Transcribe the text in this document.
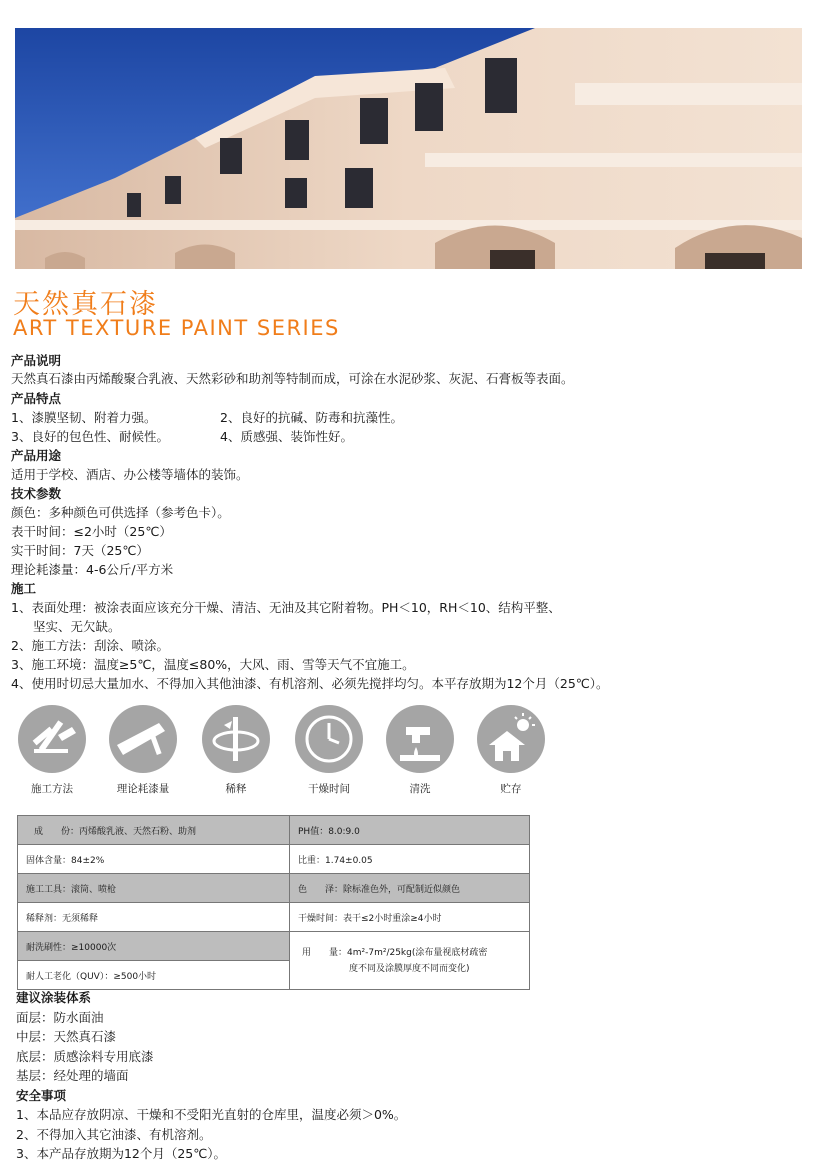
天然真石漆
ART TEXTURE PAINT SERIES
产品说明
天然真石漆由丙烯酸聚合乳液、天然彩砂和助剂等特制而成，可涂在水泥砂浆、灰泥、石膏板等表面。
产品特点
1、漆膜坚韧、附着力强。	2、良好的抗碱、防毒和抗藻性。
3、良好的包色性、耐候性。	4、质感强、装饰性好。
产品用途
适用于学校、酒店、办公楼等墙体的装饰。
技术参数
颜色：多种颜色可供选择（参考色卡）。
表干时间：≤2小时（25℃）
实干时间：7天（25℃）
理论耗漆量：4-6公斤/平方米
施工
1、表面处理：被涂表面应该充分干燥、清洁、无油及其它附着物。PH＜10，RH＜10、结构平整、
坚实、无欠缺。
2、施工方法：刮涂、喷涂。
3、施工环境：温度≥5℃，温度≤80%，大风、雨、雪等天气不宜施工。
4、使用时切忌大量加水、不得加入其他油漆、有机溶剂、必须先搅拌均匀。本平存放期为12个月（25℃）。
施工方法	理论耗漆量	稀释	干燥时间	清洗	贮存
成　　份：丙烯酸乳液、天然石粉、助剂	PH值：8.0:9.0
固体含量：84±2%	比重：1.74±0.05
施工工具：滚筒、喷枪	色　　泽：除标准色外，可配制近似颜色
稀释剂：无须稀释	干燥时间：表干≤2小时重涂≥4小时
耐洗刷性：≥10000次	用　　量：4m²-7m²/25kg(涂布量视底材疏密
度不同及涂膜厚度不同而变化)

耐人工老化（QUV）：≥500小时	
建议涂装体系
面层：防水面油
中层：天然真石漆
底层：质感涂料专用底漆
基层：经处理的墙面
安全事项
1、本品应存放阴凉、干燥和不受阳光直射的仓库里，温度必须＞0%。
2、不得加入其它油漆、有机溶剂。
3、本产品存放期为12个月（25℃）。
